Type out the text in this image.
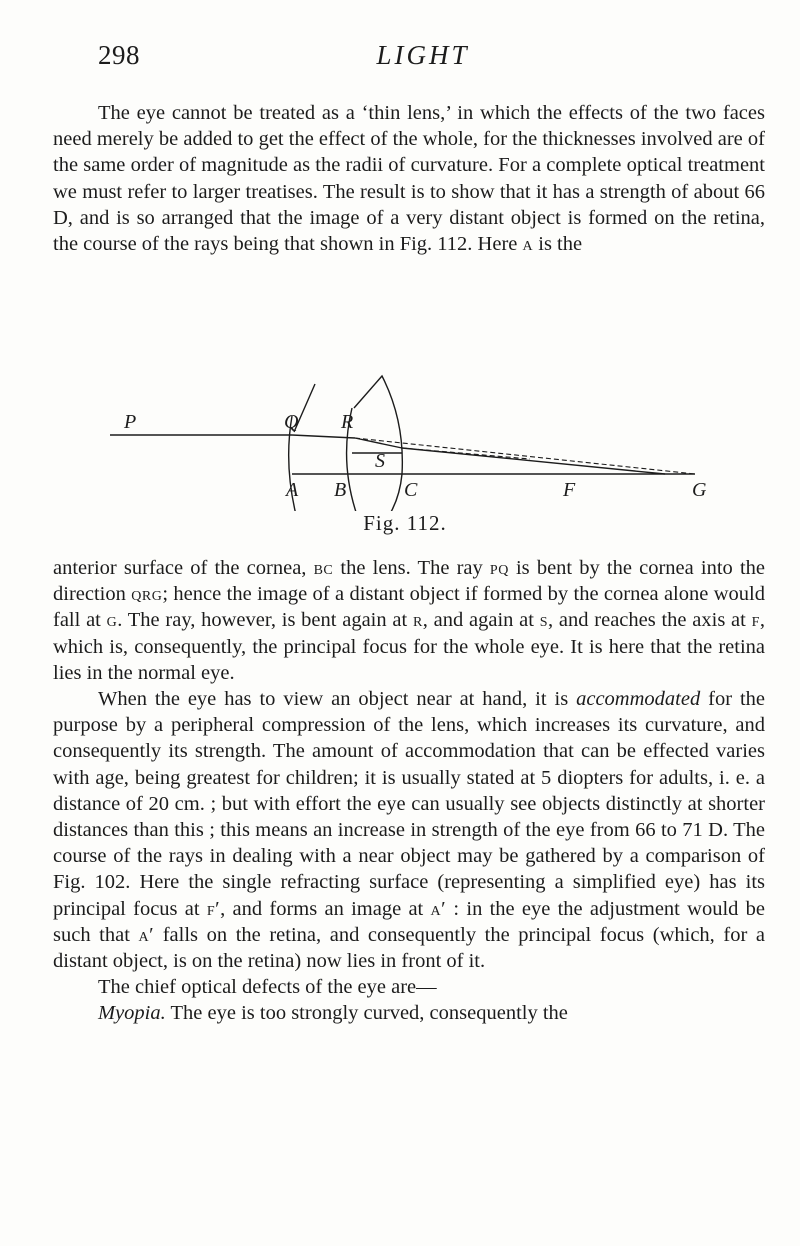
298	LIGHT

The eye cannot be treated as a ‘thin lens,’ in which the effects of the two faces need merely be added to get the effect of the whole, for the thicknesses involved are of the same order of magnitude as the radii of curvature. For a complete optical treatment we must refer to larger treatises. The result is to show that it has a strength of about 66 D, and is so arranged that the image of a very distant object is formed on the retina, the course of the rays being that shown in Fig. 112. Here a is the

P	Q R
S
A B	C	F	G
Fig. 112.

anterior surface of the cornea, bc the lens. The ray pq is bent by the cornea into the direction qrg; hence the image of a distant object if formed by the cornea alone would fall at g. The ray, however, is bent again at r, and again at s, and reaches the axis at f, which is, consequently, the principal focus for the whole eye. It is here that the retina lies in the normal eye.

When the eye has to view an object near at hand, it is accommodated for the purpose by a peripheral compression of the lens, which increases its curvature, and consequently its strength. The amount of accommodation that can be effected varies with age, being greatest for children; it is usually stated at 5 diopters for adults, i. e. a distance of 20 cm. ; but with effort the eye can usually see objects distinctly at shorter distances than this ; this means an increase in strength of the eye from 66 to 71 D. The course of the rays in dealing with a near object may be gathered by a comparison of Fig. 102. Here the single refracting surface (representing a simplified eye) has its principal focus at f′, and forms an image at a′ : in the eye the adjustment would be such that a′ falls on the retina, and consequently the principal focus (which, for a distant object, is on the retina) now lies in front of it.

The chief optical defects of the eye are—

Myopia. The eye is too strongly curved, consequently the
